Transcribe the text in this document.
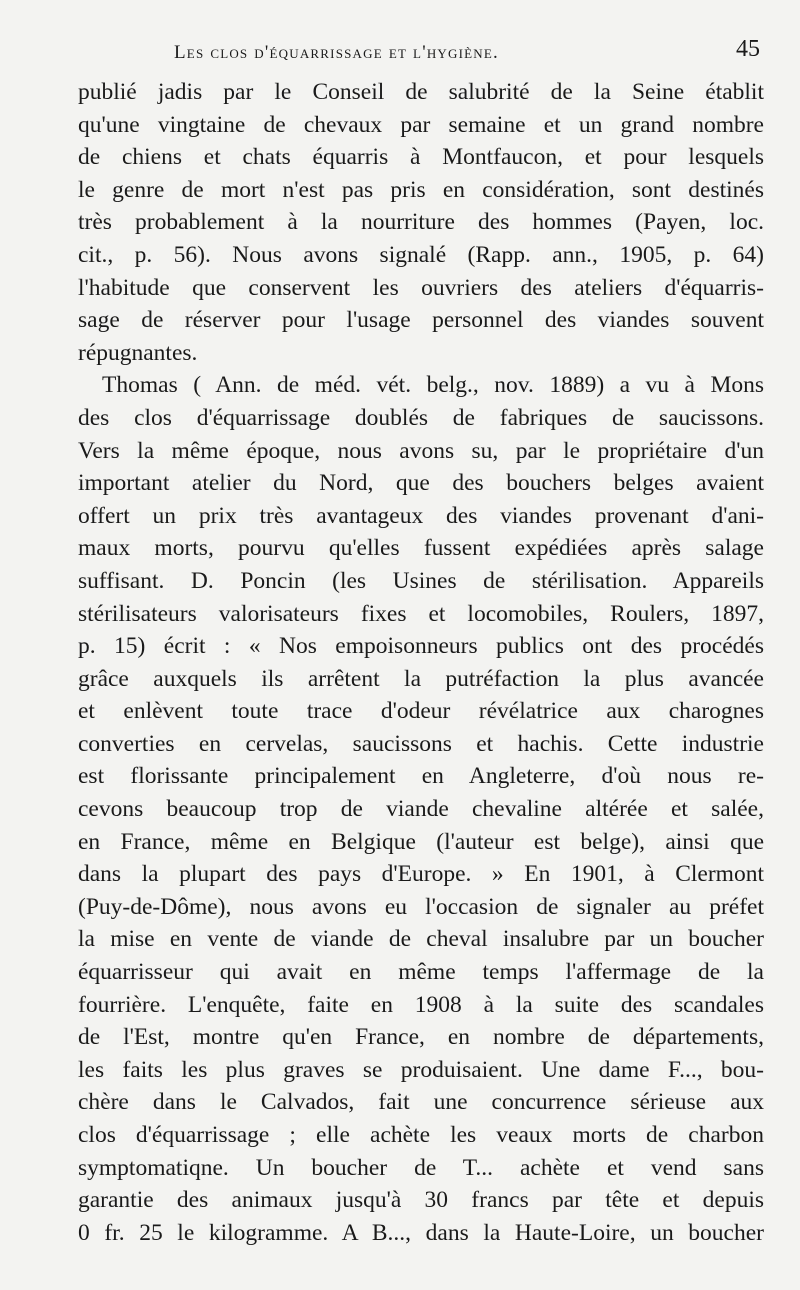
Les clos d'équarrissage et l'hygiène.	45
publié jadis par le Conseil de salubrité de la Seine établit
qu'une vingtaine de chevaux par semaine et un grand nombre
de chiens et chats équarris à Montfaucon, et pour lesquels
le genre de mort n'est pas pris en considération, sont destinés
très probablement à la nourriture des hommes (Payen, loc.
cit., p. 56). Nous avons signalé (Rapp. ann., 1905, p. 64)
l'habitude que conservent les ouvriers des ateliers d'équarris-
sage de réserver pour l'usage personnel des viandes souvent
répugnantes.
Thomas ( Ann. de méd. vét. belg., nov. 1889) a vu à Mons
des clos d'équarrissage doublés de fabriques de saucissons.
Vers la même époque, nous avons su, par le propriétaire d'un
important atelier du Nord, que des bouchers belges avaient
offert un prix très avantageux des viandes provenant d'ani-
maux morts, pourvu qu'elles fussent expédiées après salage
suffisant. D. Poncin (les Usines de stérilisation. Appareils
stérilisateurs valorisateurs fixes et locomobiles, Roulers, 1897,
p. 15) écrit : « Nos empoisonneurs publics ont des procédés
grâce auxquels ils arrêtent la putréfaction la plus avancée
et enlèvent toute trace d'odeur révélatrice aux charognes
converties en cervelas, saucissons et hachis. Cette industrie
est florissante principalement en Angleterre, d'où nous re-
cevons beaucoup trop de viande chevaline altérée et salée,
en France, même en Belgique (l'auteur est belge), ainsi que
dans la plupart des pays d'Europe. » En 1901, à Clermont
(Puy-de-Dôme), nous avons eu l'occasion de signaler au préfet
la mise en vente de viande de cheval insalubre par un boucher
équarrisseur qui avait en même temps l'affermage de la
fourrière. L'enquête, faite en 1908 à la suite des scandales
de l'Est, montre qu'en France, en nombre de départements,
les faits les plus graves se produisaient. Une dame F..., bou-
chère dans le Calvados, fait une concurrence sérieuse aux
clos d'équarrissage ; elle achète les veaux morts de charbon
symptomatiqne. Un boucher de T... achète et vend sans
garantie des animaux jusqu'à 30 francs par tête et depuis
0 fr. 25 le kilogramme. A B..., dans la Haute-Loire, un boucher
